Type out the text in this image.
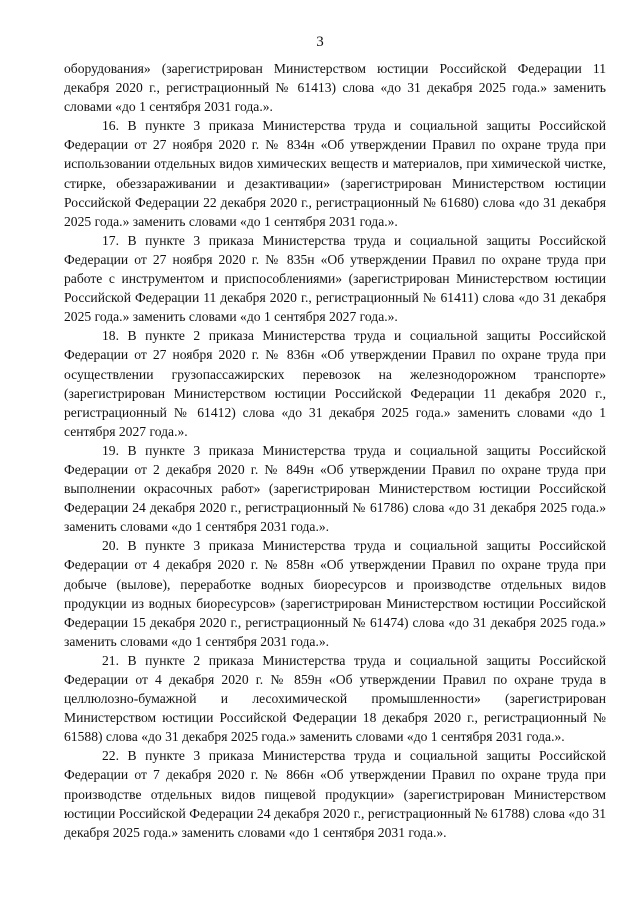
3

оборудования» (зарегистрирован Министерством юстиции Российской Федерации 11 декабря 2020 г., регистрационный № 61413) слова «до 31 декабря 2025 года.» заменить словами «до 1 сентября 2031 года.».

16. В пункте 3 приказа Министерства труда и социальной защиты Российской Федерации от 27 ноября 2020 г. № 834н «Об утверждении Правил по охране труда при использовании отдельных видов химических веществ и материалов, при химической чистке, стирке, обеззараживании и дезактивации» (зарегистрирован Министерством юстиции Российской Федерации 22 декабря 2020 г., регистрационный № 61680) слова «до 31 декабря 2025 года.» заменить словами «до 1 сентября 2031 года.».

17. В пункте 3 приказа Министерства труда и социальной защиты Российской Федерации от 27 ноября 2020 г. № 835н «Об утверждении Правил по охране труда при работе с инструментом и приспособлениями» (зарегистрирован Министерством юстиции Российской Федерации 11 декабря 2020 г., регистрационный № 61411) слова «до 31 декабря 2025 года.» заменить словами «до 1 сентября 2027 года.».

18. В пункте 2 приказа Министерства труда и социальной защиты Российской Федерации от 27 ноября 2020 г. № 836н «Об утверждении Правил по охране труда при осуществлении грузопассажирских перевозок на железнодорожном транспорте» (зарегистрирован Министерством юстиции Российской Федерации 11 декабря 2020 г., регистрационный № 61412) слова «до 31 декабря 2025 года.» заменить словами «до 1 сентября 2027 года.».

19. В пункте 3 приказа Министерства труда и социальной защиты Российской Федерации от 2 декабря 2020 г. № 849н «Об утверждении Правил по охране труда при выполнении окрасочных работ» (зарегистрирован Министерством юстиции Российской Федерации 24 декабря 2020 г., регистрационный № 61786) слова «до 31 декабря 2025 года.» заменить словами «до 1 сентября 2031 года.».

20. В пункте 3 приказа Министерства труда и социальной защиты Российской Федерации от 4 декабря 2020 г. № 858н «Об утверждении Правил по охране труда при добыче (вылове), переработке водных биоресурсов и производстве отдельных видов продукции из водных биоресурсов» (зарегистрирован Министерством юстиции Российской Федерации 15 декабря 2020 г., регистрационный № 61474) слова «до 31 декабря 2025 года.» заменить словами «до 1 сентября 2031 года.».

21. В пункте 2 приказа Министерства труда и социальной защиты Российской Федерации от 4 декабря 2020 г. № 859н «Об утверждении Правил по охране труда в целлюлозно-бумажной и лесохимической промышленности» (зарегистрирован Министерством юстиции Российской Федерации 18 декабря 2020 г., регистрационный № 61588) слова «до 31 декабря 2025 года.» заменить словами «до 1 сентября 2031 года.».

22. В пункте 3 приказа Министерства труда и социальной защиты Российской Федерации от 7 декабря 2020 г. № 866н «Об утверждении Правил по охране труда при производстве отдельных видов пищевой продукции» (зарегистрирован Министерством юстиции Российской Федерации 24 декабря 2020 г., регистрационный № 61788) слова «до 31 декабря 2025 года.» заменить словами «до 1 сентября 2031 года.».
